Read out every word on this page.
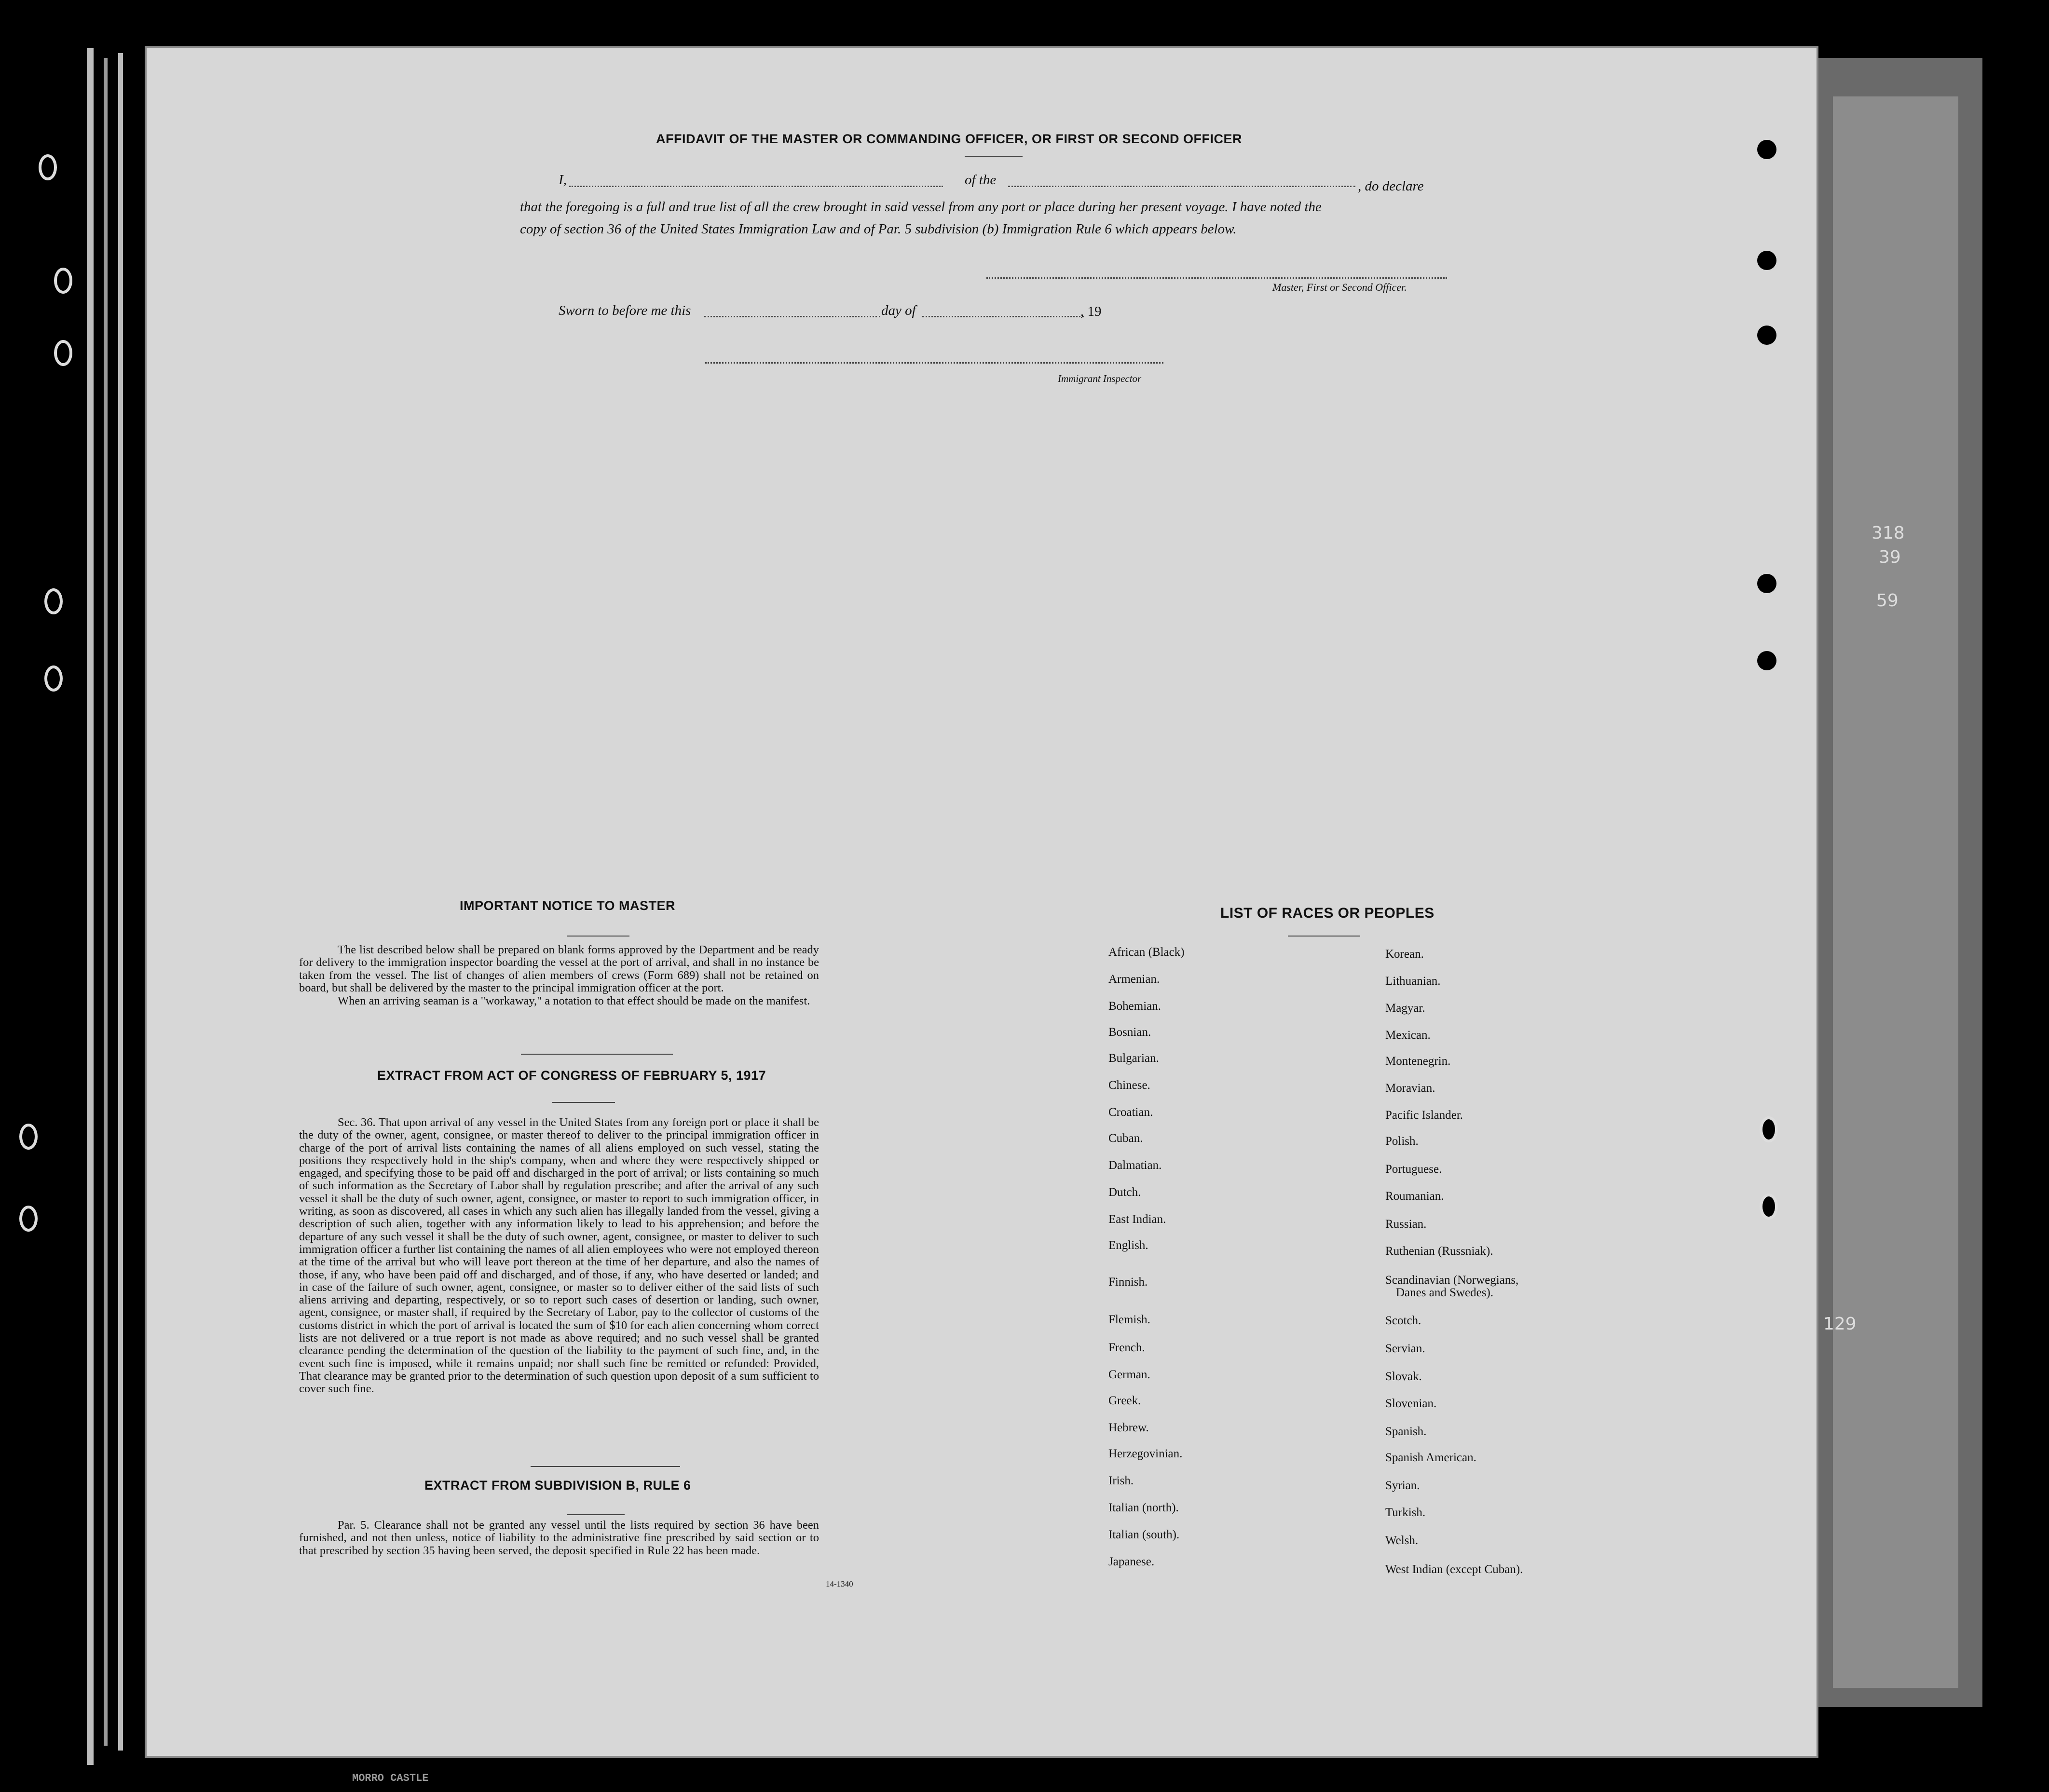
AFFIDAVIT OF THE MASTER OR COMMANDING OFFICER, OR FIRST OR SECOND OFFICER
I,	of the	, do declare
that the foregoing is a full and true list of all the crew brought in said vessel from any port or place during her present voyage. I have noted the
copy of section 36 of the United States Immigration Law and of Par. 5 subdivision (b) Immigration Rule 6 which appears below.
Master, First or Second Officer.
Sworn to before me this	day of	, 19
Immigrant Inspector
IMPORTANT NOTICE TO MASTER
The list described below shall be prepared on blank forms approved by the Department and be ready for delivery to the immigration inspector boarding the vessel at the port of arrival, and shall in no instance be taken from the vessel. The list of changes of alien members of crews (Form 689) shall not be retained on board, but shall be delivered by the master to the principal immigration officer at the port.
When an arriving seaman is a "workaway," a notation to that effect should be made on the manifest.
EXTRACT FROM ACT OF CONGRESS OF FEBRUARY 5, 1917
Sec. 36. That upon arrival of any vessel in the United States from any foreign port or place it shall be the duty of the owner, agent, consignee, or master thereof to deliver to the principal immigration officer in charge of the port of arrival lists containing the names of all aliens employed on such vessel, stating the positions they respectively hold in the ship's company, when and where they were respectively shipped or engaged, and specifying those to be paid off and discharged in the port of arrival; or lists containing so much of such information as the Secretary of Labor shall by regulation prescribe; and after the arrival of any such vessel it shall be the duty of such owner, agent, consignee, or master to report to such immigration officer, in writing, as soon as discovered, all cases in which any such alien has illegally landed from the vessel, giving a description of such alien, together with any information likely to lead to his apprehension; and before the departure of any such vessel it shall be the duty of such owner, agent, consignee, or master to deliver to such immigration officer a further list containing the names of all alien employees who were not employed thereon at the time of the arrival but who will leave port thereon at the time of her departure, and also the names of those, if any, who have been paid off and discharged, and of those, if any, who have deserted or landed; and in case of the failure of such owner, agent, consignee, or master so to deliver either of the said lists of such aliens arriving and departing, respectively, or so to report such cases of desertion or landing, such owner, agent, consignee, or master shall, if required by the Secretary of Labor, pay to the collector of customs of the customs district in which the port of arrival is located the sum of $10 for each alien concerning whom correct lists are not delivered or a true report is not made as above required; and no such vessel shall be granted clearance pending the determination of the question of the liability to the payment of such fine, and, in the event such fine is imposed, while it remains unpaid; nor shall such fine be remitted or refunded: Provided, That clearance may be granted prior to the determination of such question upon deposit of a sum sufficient to cover such fine.
EXTRACT FROM SUBDIVISION B, RULE 6
Par. 5. Clearance shall not be granted any vessel until the lists required by section 36 have been furnished, and not then unless, notice of liability to the administrative fine prescribed by said section or to that prescribed by section 35 having been served, the deposit specified in Rule 22 has been made.
14-1340
LIST OF RACES OR PEOPLES
African (Black)
Armenian.
Bohemian.
Bosnian.
Bulgarian.
Chinese.
Croatian.
Cuban.
Dalmatian.
Dutch.
East Indian.
English.
Finnish.
Flemish.
French.
German.
Greek.
Hebrew.
Herzegovinian.
Irish.
Italian (north).
Italian (south).
Japanese.
Korean.
Lithuanian.
Magyar.
Mexican.
Montenegrin.
Moravian.
Pacific Islander.
Polish.
Portuguese.
Roumanian.
Russian.
Ruthenian (Russniak).
Scandinavian (Norwegians,
Danes and Swedes).
Scotch.
Servian.
Slovak.
Slovenian.
Spanish.
Spanish American.
Syrian.
Turkish.
Welsh.
West Indian (except Cuban).
318
39
59
129
MORRO CASTLE
